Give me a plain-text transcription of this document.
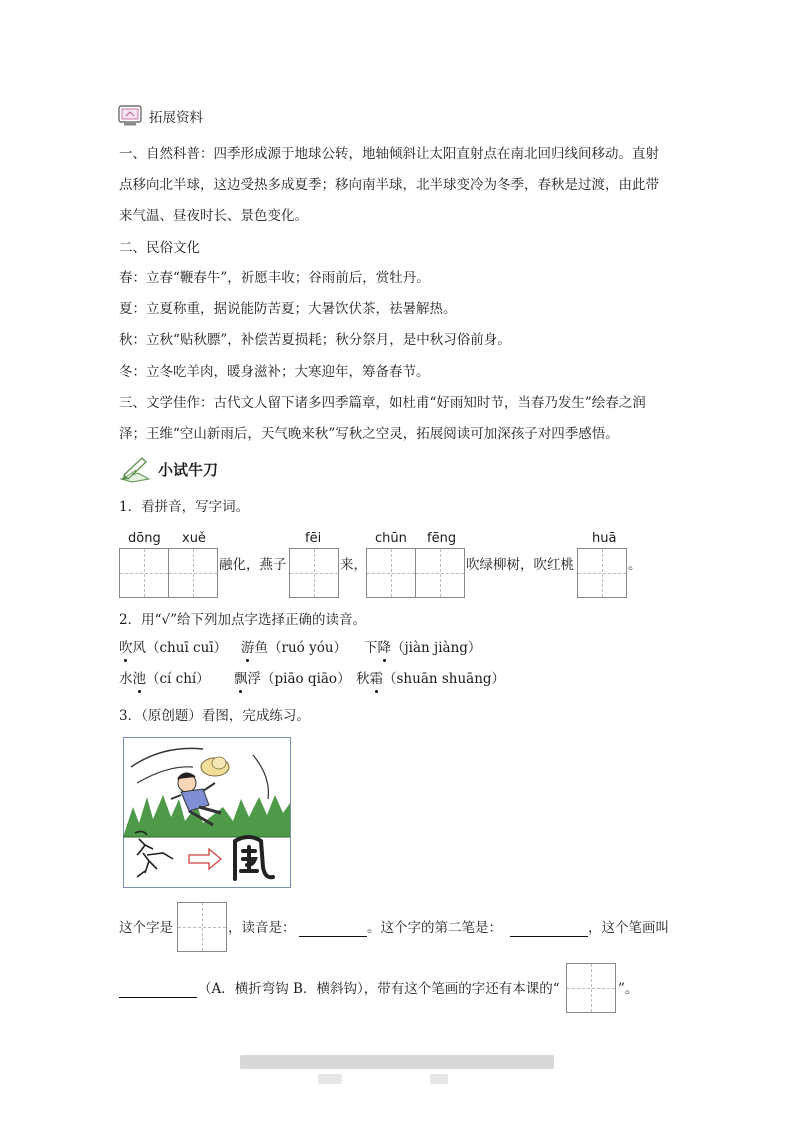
拓展资料
一、自然科普：四季形成源于地球公转，地轴倾斜让太阳直射点在南北回归线间移动。直射
点移向北半球，这边受热多成夏季；移向南半球，北半球变冷为冬季，春秋是过渡，由此带
来气温、昼夜时长、景色变化。
二、民俗文化
春：立春“鞭春牛”，祈愿丰收；谷雨前后，赏牡丹。
夏：立夏称重，据说能防苦夏；大暑饮伏茶，祛暑解热。
秋：立秋“贴秋膘”，补偿苦夏损耗；秋分祭月，是中秋习俗前身。
冬：立冬吃羊肉，暖身滋补；大寒迎年，筹备春节。
三、文学佳作：古代文人留下诸多四季篇章，如杜甫“好雨知时节，当春乃发生”绘春之润
泽；王维“空山新雨后，天气晚来秋”写秋之空灵，拓展阅读可加深孩子对四季感悟。
小试牛刀
1．看拼音，写字词。
dōng xuě	fēi	chūn fēng	huā
融化，燕子	来，	吹绿柳树，吹红桃	。
2．用“√”给下列加点字选择正确的读音。
吹风（chuī cuī） 游鱼（ruó yóu） 下降（jiàn jiàng）
水池（cí chí） 飘浮（piāo qiāo） 秋霜（shuān shuāng）
3．（原创题）看图，完成练习。
这个字是	，读音是：	。这个字的第二笔是：	，这个笔画叫
（A．横折弯钩 B．横斜钩），带有这个笔画的字还有本课的“	”。
